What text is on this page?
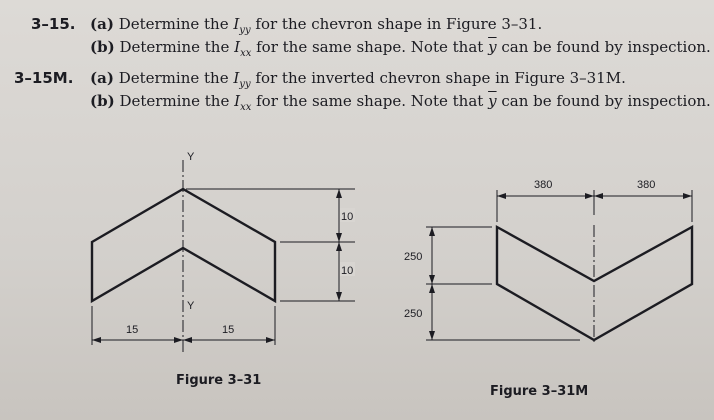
3–15. (a) Determine the $I_{yy}$ for the chevron shape in Figure 3–31.
(b) Determine the $I_{xx}$ for the same shape. Note that $\overline{y}$ can be found by inspection.
3–15M. (a) Determine the $I_{yy}$ for the inverted chevron shape in Figure 3–31M.
(b) Determine the $I_{xx}$ for the same shape. Note that $\overline{y}$ can be found by inspection.
Y
Y
10
10
15	15
Figure 3–31
380	380
250
250
Figure 3–31M
